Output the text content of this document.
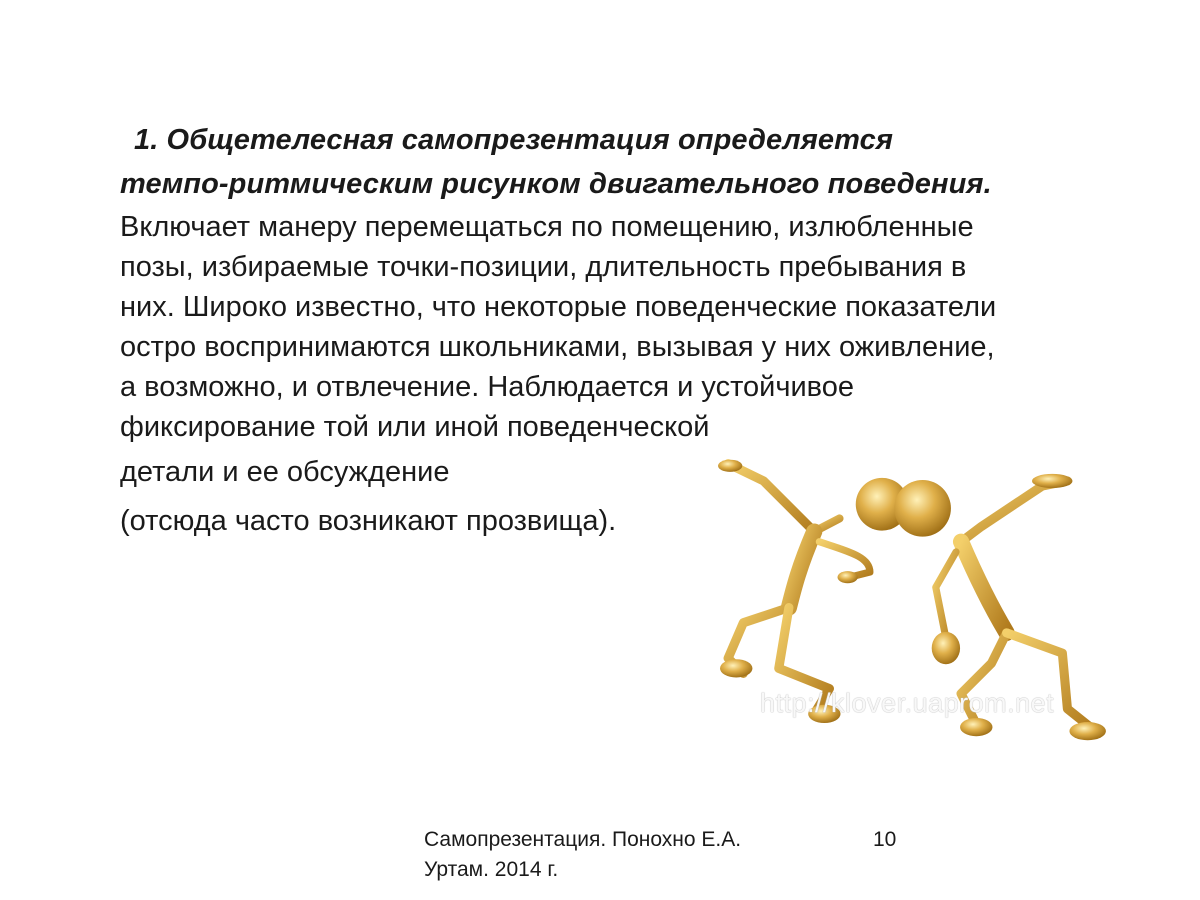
1. Общетелесная самопрезентация определяется
темпо-ритмическим рисунком двигательного поведения.
Включает манеру перемещаться по помещению, излюбленные
позы, избираемые точки-позиции, длительность пребывания в
них. Широко известно, что некоторые поведенческие показатели
остро воспринимаются школьниками, вызывая у них оживление,
а возможно, и отвлечение. Наблюдается и устойчивое
фиксирование той или иной поведенческой
детали и ее обсуждение
(отсюда часто возникают прозвища).
http://klover.uaprom.net
Самопрезентация. Понохно Е.А.
Уртам. 2014 г.
10
